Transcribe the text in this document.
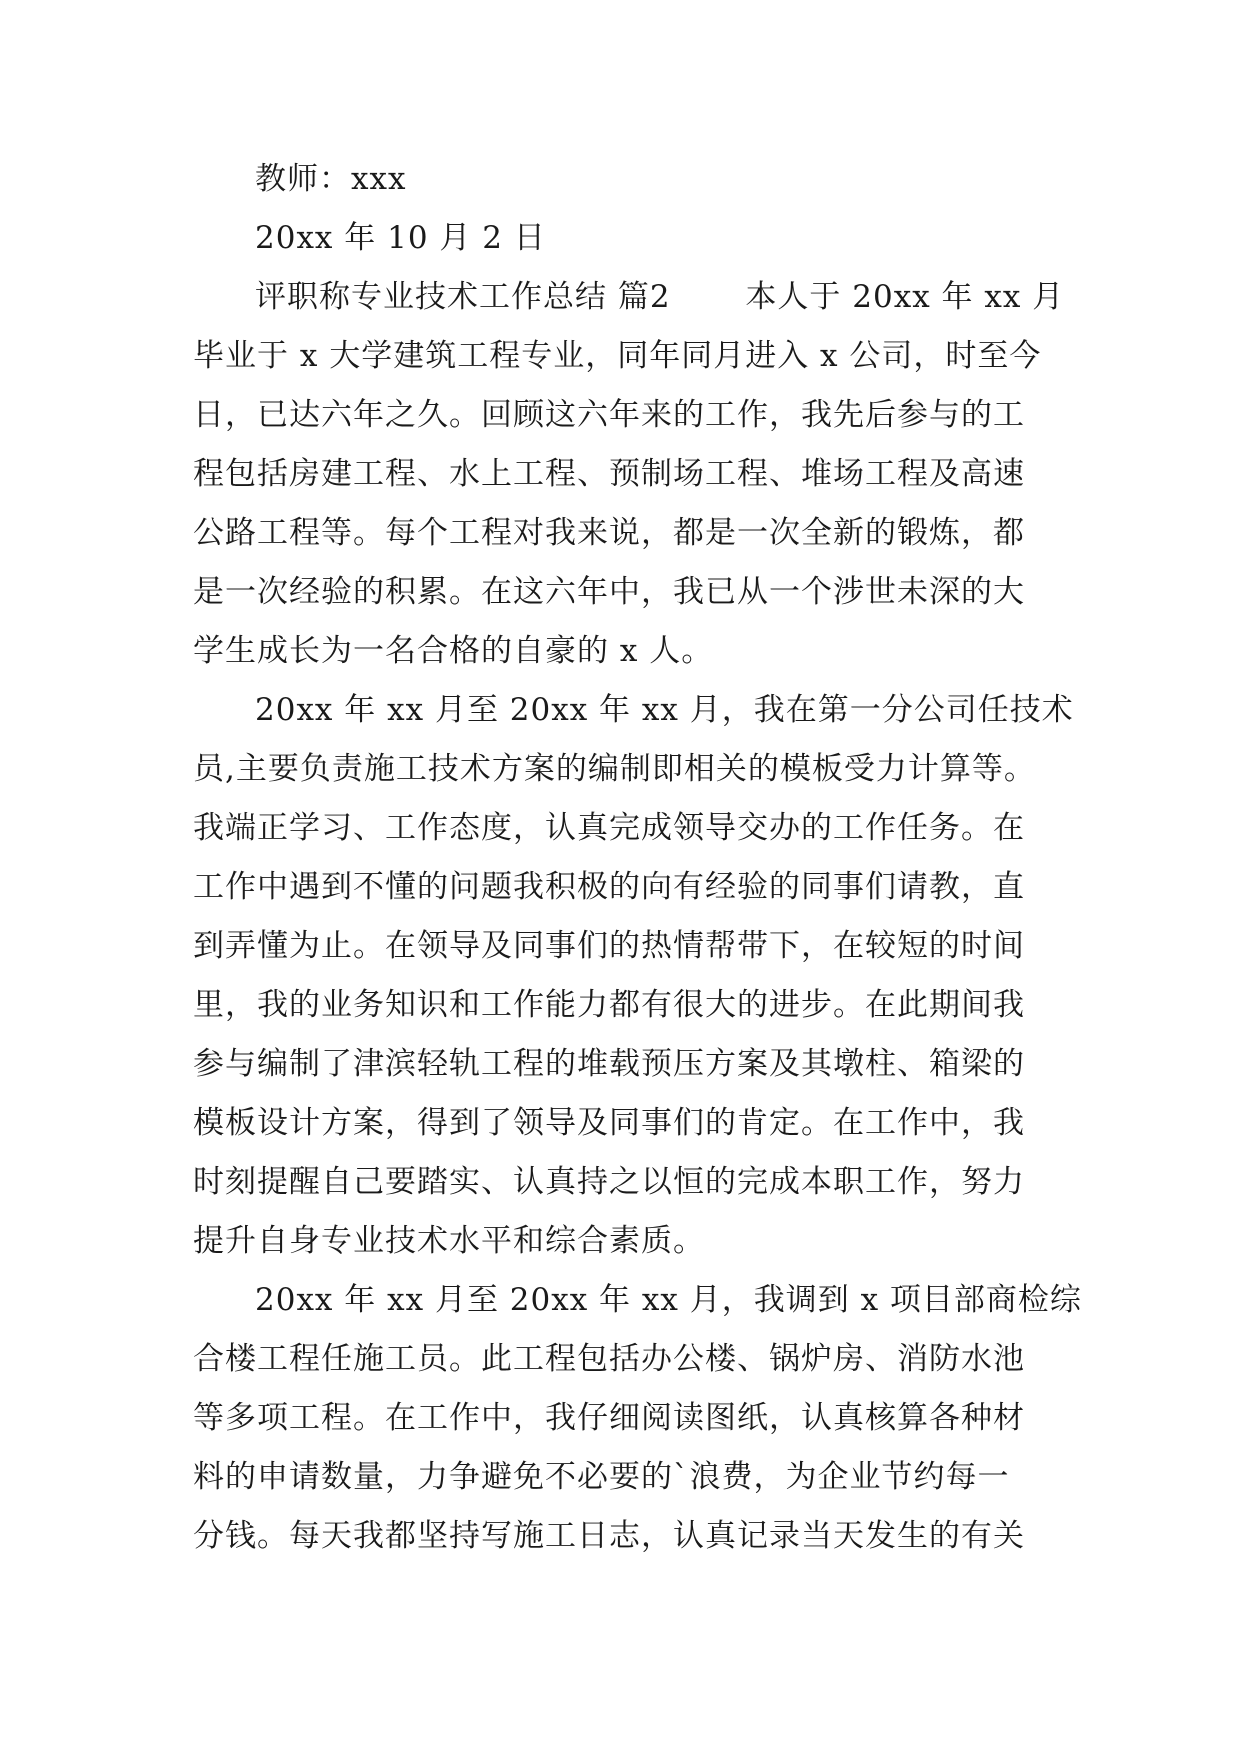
教师：xxx
20xx 年 10 月 2 日
评职称专业技术工作总结 篇2 　　本人于 20xx 年 xx 月
毕业于 x 大学建筑工程专业，同年同月进入 x 公司，时至今
日，已达六年之久。回顾这六年来的工作，我先后参与的工
程包括房建工程、水上工程、预制场工程、堆场工程及高速
公路工程等。每个工程对我来说，都是一次全新的锻炼，都
是一次经验的积累。在这六年中，我已从一个涉世未深的大
学生成长为一名合格的自豪的 x 人。
20xx 年 xx 月至 20xx 年 xx 月，我在第一分公司任技术
员,主要负责施工技术方案的编制即相关的模板受力计算等。
我端正学习、工作态度，认真完成领导交办的工作任务。在
工作中遇到不懂的问题我积极的向有经验的同事们请教，直
到弄懂为止。在领导及同事们的热情帮带下，在较短的时间
里，我的业务知识和工作能力都有很大的进步。在此期间我
参与编制了津滨轻轨工程的堆载预压方案及其墩柱、箱梁的
模板设计方案，得到了领导及同事们的肯定。在工作中，我
时刻提醒自己要踏实、认真持之以恒的完成本职工作，努力
提升自身专业技术水平和综合素质。
20xx 年 xx 月至 20xx 年 xx 月，我调到 x 项目部商检综
合楼工程任施工员。此工程包括办公楼、锅炉房、消防水池
等多项工程。在工作中，我仔细阅读图纸，认真核算各种材
料的申请数量，力争避免不必要的`浪费，为企业节约每一
分钱。每天我都坚持写施工日志，认真记录当天发生的有关
